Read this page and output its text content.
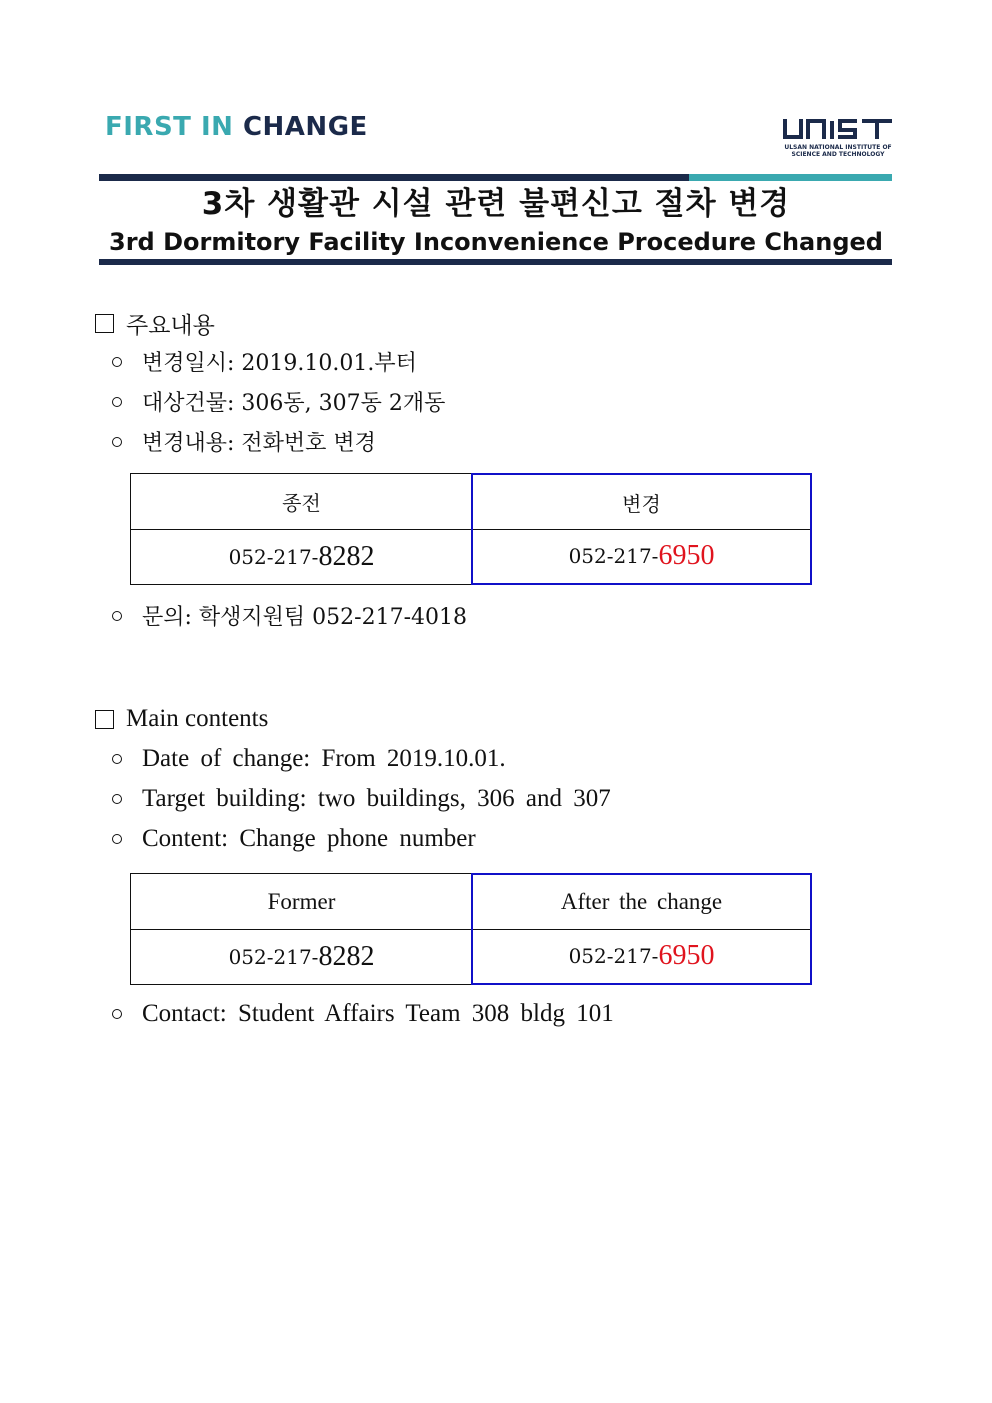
FIRST IN CHANGE
ULSAN NATIONAL INSTITUTE OF
SCIENCE AND TECHNOLOGY
3차 생활관 시설 관련 불편신고 절차 변경
3rd Dormitory Facility Inconvenience Procedure Changed
주요내용
변경일시: 2019.10.01.부터
대상건물: 306동, 307동 2개동
변경내용: 전화번호 변경
종전	변경
052-217- 8282	052-217- 6950
문의: 학생지원팀 052-217-4018
Main contents
Date of change: From 2019.10.01.
Target building: two buildings, 306 and 307
Content: Change phone number
Former	After the change
052-217- 8282	052-217- 6950
Contact: Student Affairs Team 308 bldg 101
